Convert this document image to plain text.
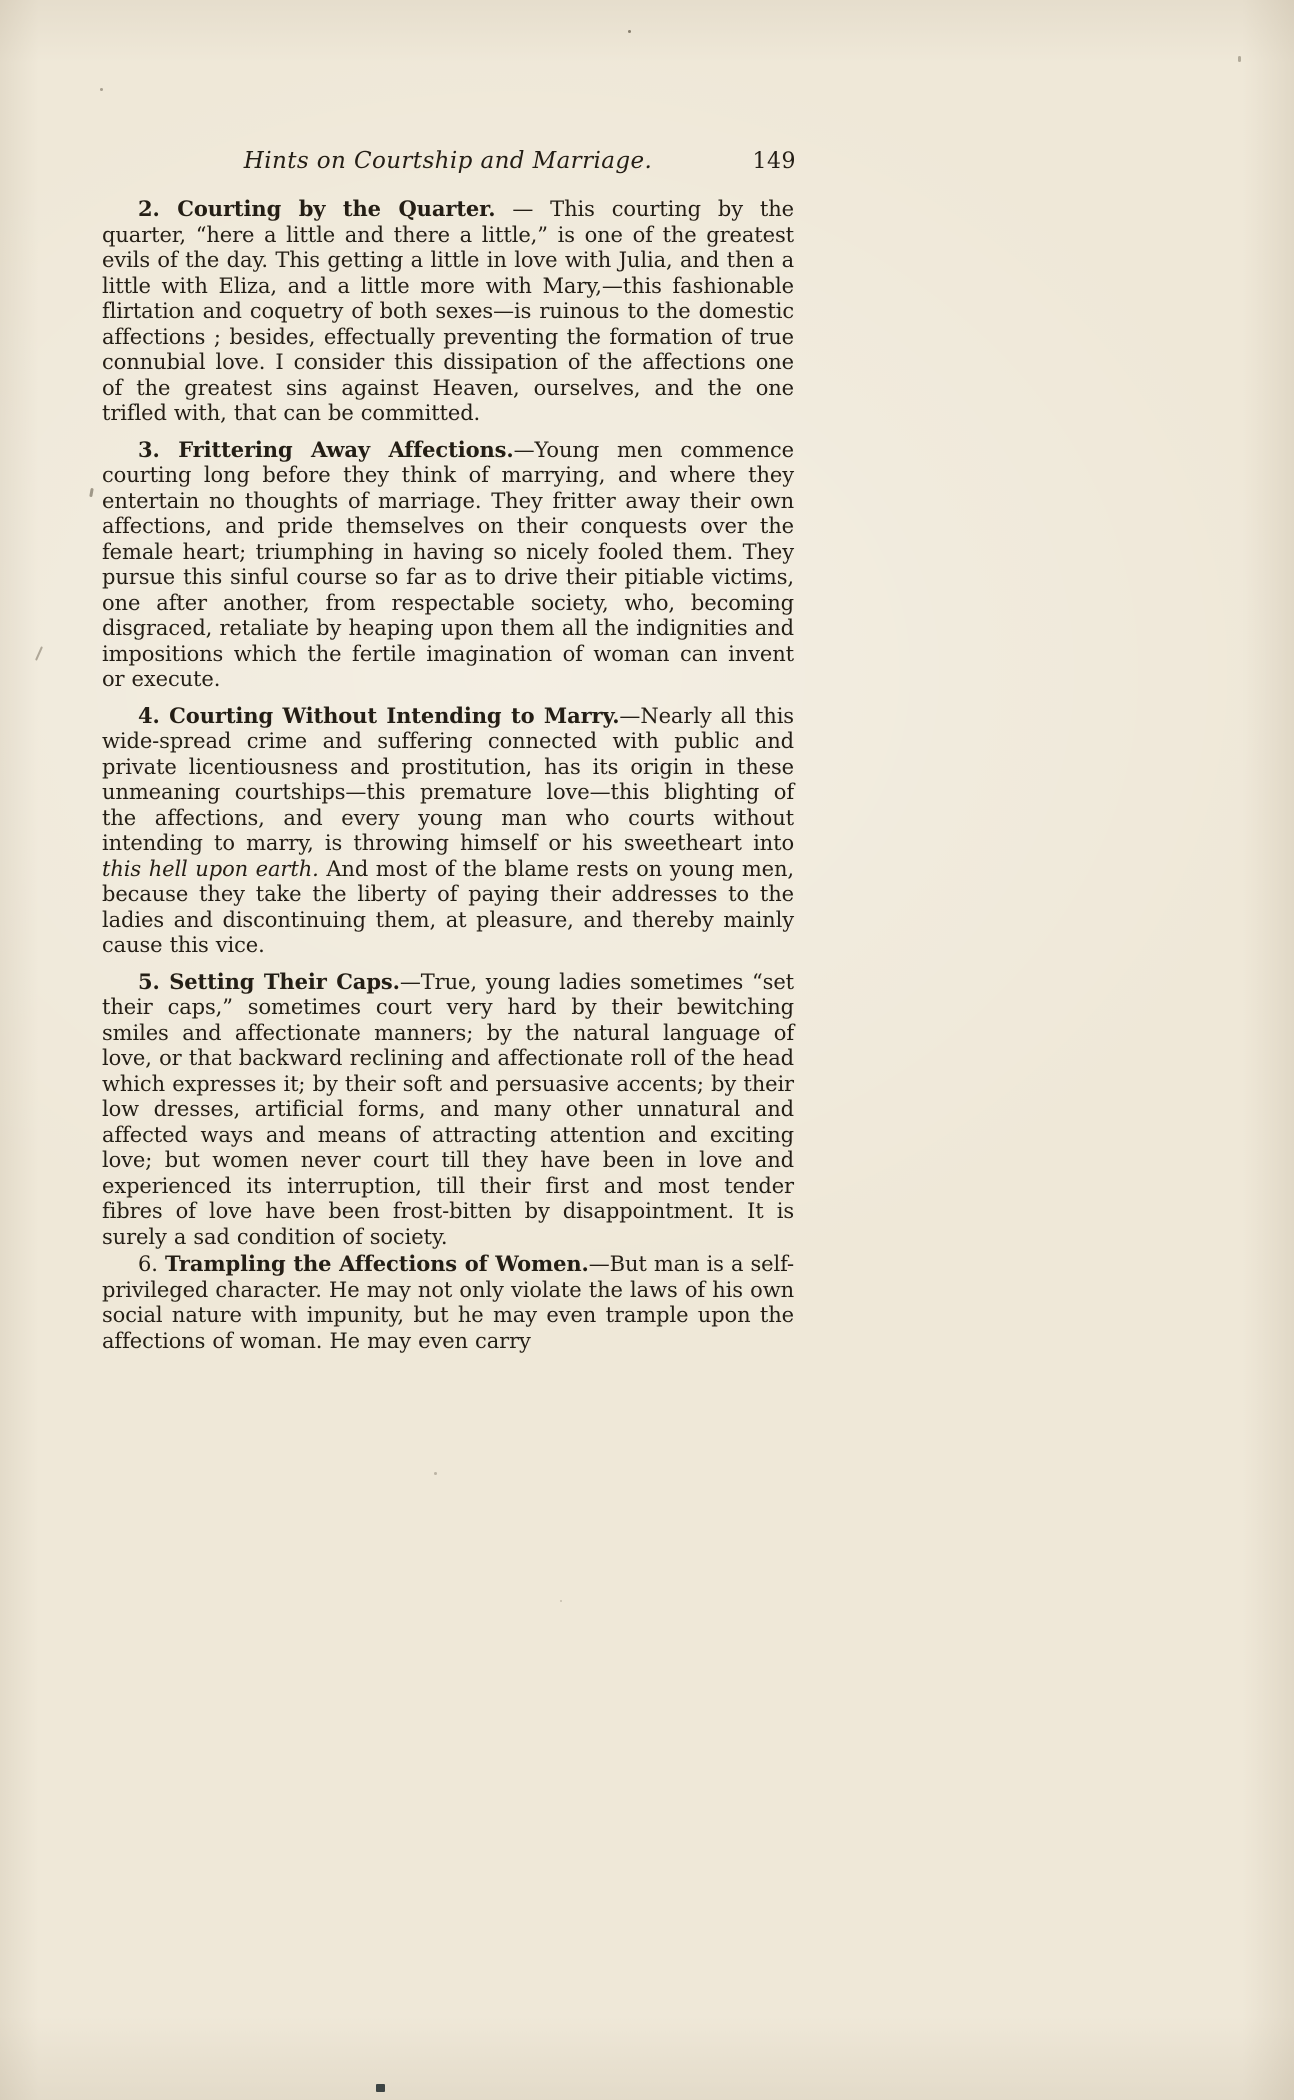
Hints on Courtship and Marriage.	149

2. Courting by the Quarter. — This courting by the quarter, “here a little and there a little,” is one of the greatest evils of the day. This getting a little in love with Julia, and then a little with Eliza, and a little more with Mary,—this fashionable flirtation and coquetry of both sexes—is ruinous to the domestic affections ; besides, effectually preventing the formation of true connubial love. I consider this dissipation of the affections one of the greatest sins against Heaven, ourselves, and the one trifled with, that can be committed.

3. Frittering Away Affections.—Young men commence courting long before they think of marrying, and where they entertain no thoughts of marriage. They fritter away their own affections, and pride themselves on their conquests over the female heart; triumphing in having so nicely fooled them. They pursue this sinful course so far as to drive their pitiable victims, one after another, from respectable society, who, becoming disgraced, retaliate by heaping upon them all the indignities and impositions which the fertile imagination of woman can invent or execute.

4. Courting Without Intending to Marry.—Nearly all this wide-spread crime and suffering connected with public and private licentiousness and prostitution, has its origin in these unmeaning courtships—this premature love—this blighting of the affections, and every young man who courts without intending to marry, is throwing himself or his sweetheart into this hell upon earth. And most of the blame rests on young men, because they take the liberty of paying their addresses to the ladies and discontinuing them, at pleasure, and thereby mainly cause this vice.

5. Setting Their Caps.—True, young ladies sometimes “set their caps,” sometimes court very hard by their bewitching smiles and affectionate manners; by the natural language of love, or that backward reclining and affectionate roll of the head which expresses it; by their soft and persuasive accents; by their low dresses, artificial forms, and many other unnatural and affected ways and means of attracting attention and exciting love; but women never court till they have been in love and experienced its interruption, till their first and most tender fibres of love have been frost-bitten by disappointment. It is surely a sad condition of society.

6. Trampling the Affections of Women.—But man is a self-privileged character. He may not only violate the laws of his own social nature with impunity, but he may even trample upon the affections of woman. He may even carry
